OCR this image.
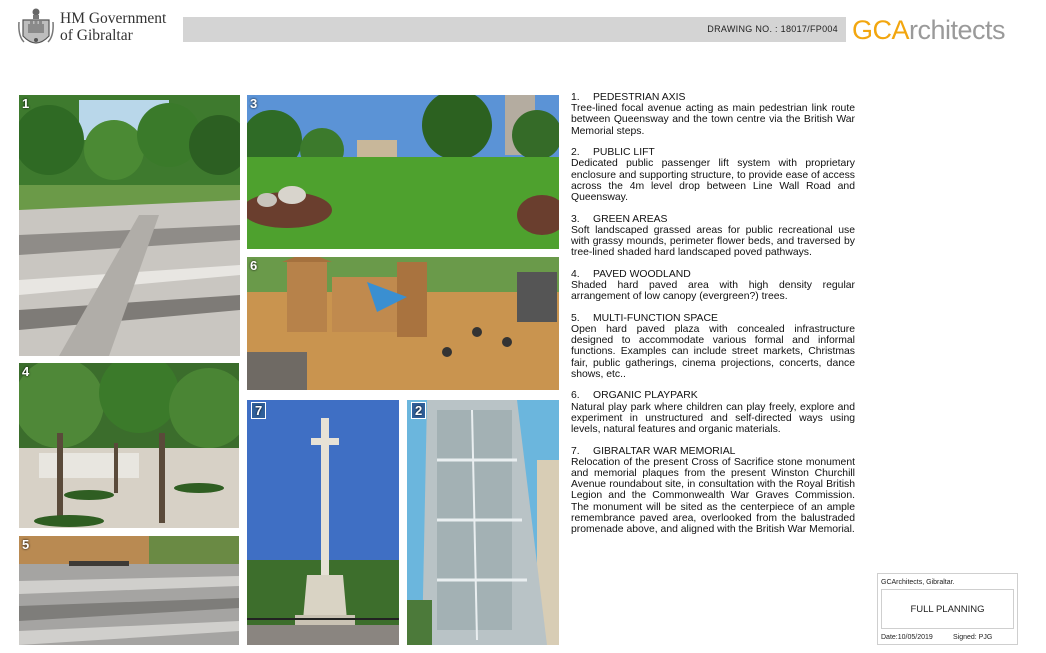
HM Government
of Gibraltar	DRAWING NO. : 18017/FP004 GCArchitects
1	3
6
4
7	2
5
1. PEDESTRIAN AXIS
Tree-lined focal avenue acting as main pedestrian link route between Queensway and the town centre via the British War Memorial steps.
2. PUBLIC LIFT
Dedicated public passenger lift system with proprietary enclosure and supporting structure, to provide ease of access across the 4m level drop between Line Wall Road and Queensway.
3. GREEN AREAS
Soft landscaped grassed areas for public recreational use with grassy mounds, perimeter flower beds, and traversed by tree-lined shaded hard landscaped poved pathways.
4. PAVED WOODLAND
Shaded hard paved area with high density regular arrangement of low canopy (evergreen?) trees.
5. MULTI-FUNCTION SPACE
Open hard paved plaza with concealed infrastructure designed to accommodate various formal and informal functions. Examples can include street markets, Christmas fair, public gatherings, cinema projections, concerts, dance shows, etc..
6. ORGANIC PLAYPARK
Natural play park where children can play freely, explore and experiment in unstructured and self-directed ways using levels, natural features and organic materials.
7. GIBRALTAR WAR MEMORIAL
Relocation of the present Cross of Sacrifice stone monument and memorial plaques from the present Winston Churchill Avenue roundabout site, in consultation with the Royal British Legion and the Commonwealth War Graves Commission. The monument will be sited as the centerpiece of an ample remembrance paved area, overlooked from the balustraded promenade above, and aligned with the British War Memorial.
GCArchitects, Gibraltar.
FULL PLANNING
Date:10/05/2019	Signed: PJG
